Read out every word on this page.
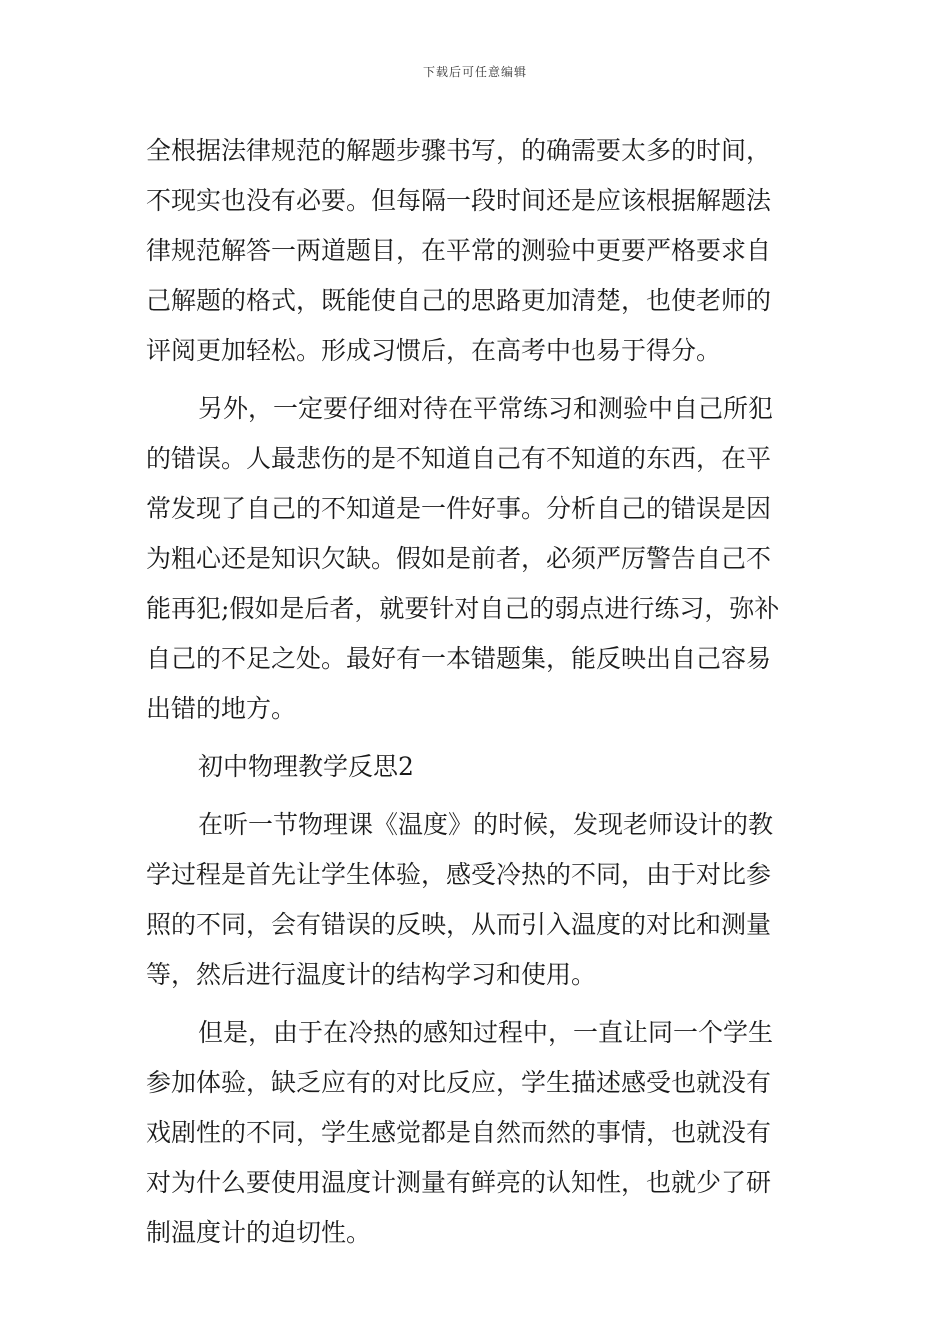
下载后可任意编辑
全根据法律规范的解题步骤书写，的确需要太多的时间，
不现实也没有必要。但每隔一段时间还是应该根据解题法
律规范解答一两道题目，在平常的测验中更要严格要求自
己解题的格式，既能使自己的思路更加清楚，也使老师的
评阅更加轻松。形成习惯后，在高考中也易于得分。
另外，一定要仔细对待在平常练习和测验中自己所犯
的错误。人最悲伤的是不知道自己有不知道的东西，在平
常发现了自己的不知道是一件好事。分析自己的错误是因
为粗心还是知识欠缺。假如是前者，必须严厉警告自己不
能再犯;假如是后者，就要针对自己的弱点进行练习，弥补
自己的不足之处。最好有一本错题集，能反映出自己容易
出错的地方。
初中物理教学反思2
在听一节物理课《温度》的时候，发现老师设计的教
学过程是首先让学生体验，感受冷热的不同，由于对比参
照的不同，会有错误的反映，从而引入温度的对比和测量
等，然后进行温度计的结构学习和使用。
但是，由于在冷热的感知过程中，一直让同一个学生
参加体验，缺乏应有的对比反应，学生描述感受也就没有
戏剧性的不同，学生感觉都是自然而然的事情，也就没有
对为什么要使用温度计测量有鲜亮的认知性，也就少了研
制温度计的迫切性。
